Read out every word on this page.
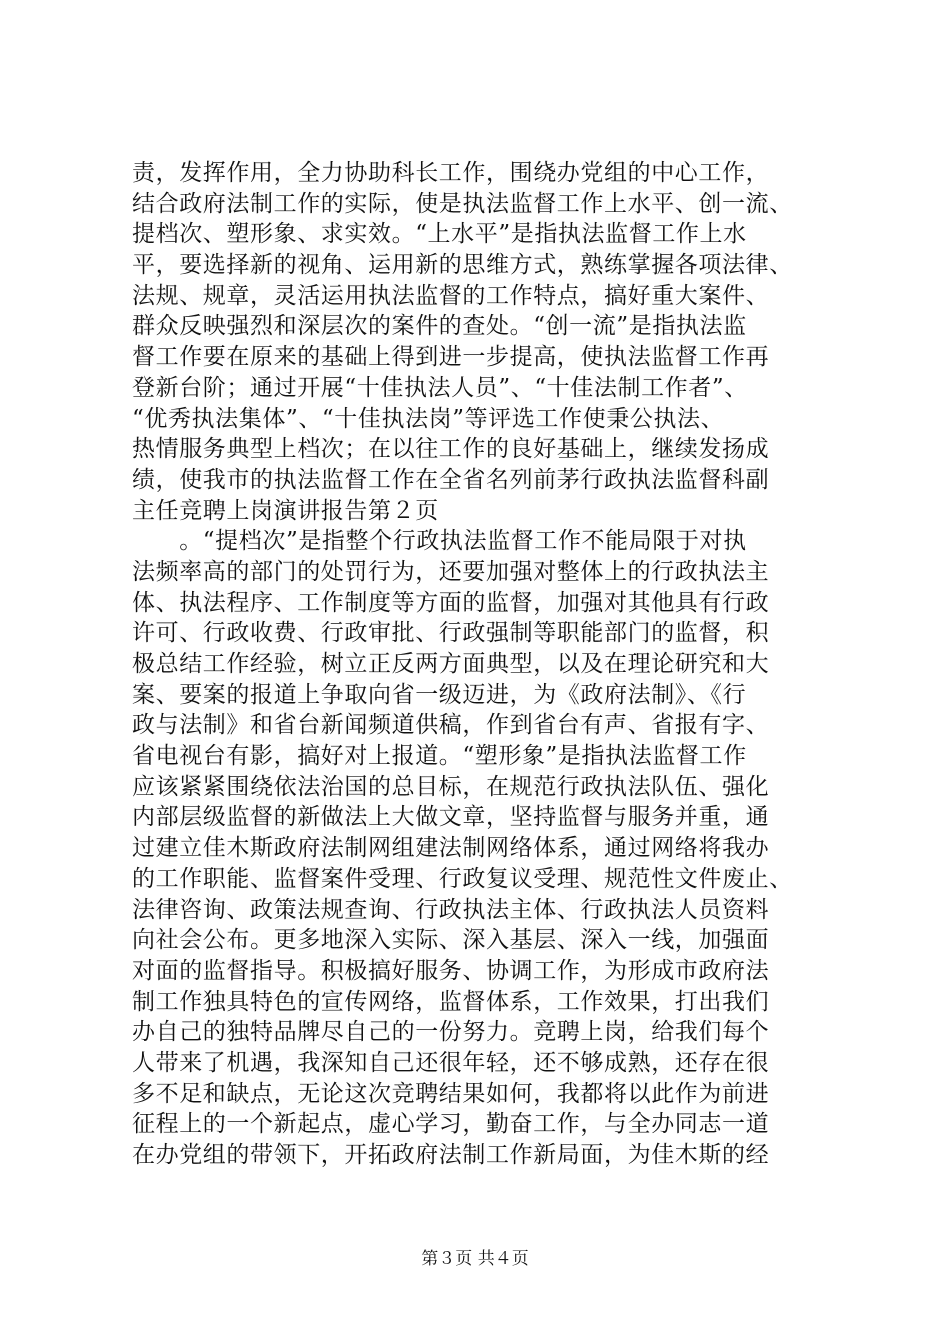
责，发挥作用，全力协助科长工作，围绕办党组的中心工作，
结合政府法制工作的实际，使是执法监督工作上水平、创一流、
提档次、塑形象、求实效。“上水平”是指执法监督工作上水
平，要选择新的视角、运用新的思维方式，熟练掌握各项法律、
法规、规章，灵活运用执法监督的工作特点，搞好重大案件、
群众反映强烈和深层次的案件的查处。“创一流”是指执法监
督工作要在原来的基础上得到进一步提高，使执法监督工作再
登新台阶；通过开展“十佳执法人员”、“十佳法制工作者”、
“优秀执法集体”、“十佳执法岗”等评选工作使秉公执法、
热情服务典型上档次；在以往工作的良好基础上，继续发扬成
绩，使我市的执法监督工作在全省名列前茅行政执法监督科副
主任竞聘上岗演讲报告第２页
　　。“提档次”是指整个行政执法监督工作不能局限于对执
法频率高的部门的处罚行为，还要加强对整体上的行政执法主
体、执法程序、工作制度等方面的监督，加强对其他具有行政
许可、行政收费、行政审批、行政强制等职能部门的监督，积
极总结工作经验，树立正反两方面典型，以及在理论研究和大
案、要案的报道上争取向省一级迈进，为《政府法制》、《行
政与法制》和省台新闻频道供稿，作到省台有声、省报有字、
省电视台有影，搞好对上报道。“塑形象”是指执法监督工作
应该紧紧围绕依法治国的总目标，在规范行政执法队伍、强化
内部层级监督的新做法上大做文章，坚持监督与服务并重，通
过建立佳木斯政府法制网组建法制网络体系，通过网络将我办
的工作职能、监督案件受理、行政复议受理、规范性文件废止、
法律咨询、政策法规查询、行政执法主体、行政执法人员资料
向社会公布。更多地深入实际、深入基层、深入一线，加强面
对面的监督指导。积极搞好服务、协调工作，为形成市政府法
制工作独具特色的宣传网络，监督体系，工作效果，打出我们
办自己的独特品牌尽自己的一份努力。竞聘上岗，给我们每个
人带来了机遇，我深知自己还很年轻，还不够成熟，还存在很
多不足和缺点，无论这次竞聘结果如何，我都将以此作为前进
征程上的一个新起点，虚心学习，勤奋工作，与全办同志一道
在办党组的带领下，开拓政府法制工作新局面，为佳木斯的经
第３页 共４页
